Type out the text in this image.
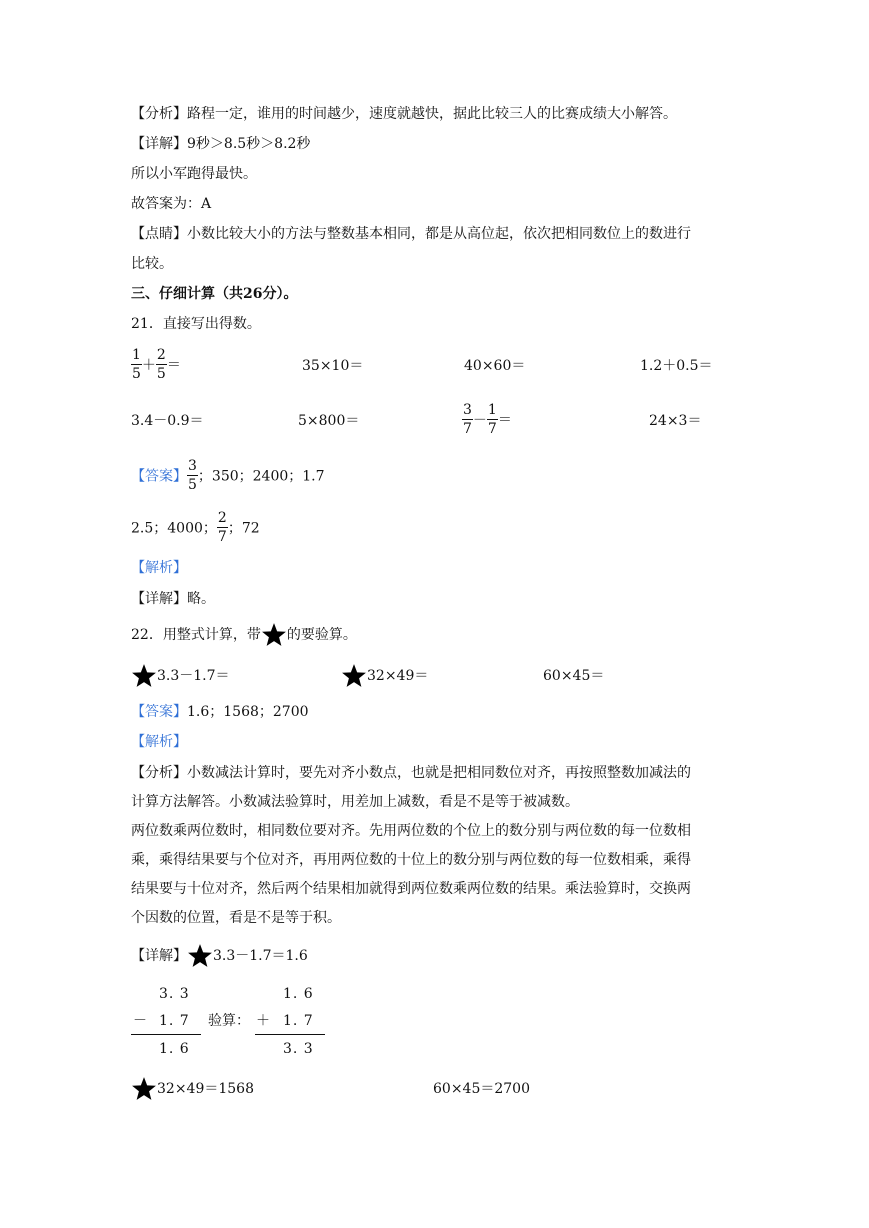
【分析】路程一定，谁用的时间越少，速度就越快，据此比较三人的比赛成绩大小解答。
【详解】9秒＞8.5秒＞8.2秒
所以小军跑得最快。
故答案为：A
【点睛】小数比较大小的方法与整数基本相同，都是从高位起，依次把相同数位上的数进行
比较。
三、仔细计算（共26分）。
21．直接写出得数。
$\frac{1}{5} + \frac{2}{5}$ ＝	35×10＝	40×60＝	1.2＋0.5＝
3.4－0.9＝	5×800＝	$\frac{3}{7} - \frac{1}{7}$ ＝	24×3＝
【答案】 $\frac{3}{5}$ ；350；2400；1.7
2.5；4000； $\frac{2}{7}$ ；72
【解析】
【详解】略。
22．用整式计算，带 的要验算。
3.3－1.7＝	32×49＝	60×45＝
【答案】1.6；1568；2700
【解析】
【分析】小数减法计算时，要先对齐小数点，也就是把相同数位对齐，再按照整数加减法的
计算方法解答。小数减法验算时，用差加上减数，看是不是等于被减数。
两位数乘两位数时，相同数位要对齐。先用两位数的个位上的数分别与两位数的每一位数相
乘，乘得结果要与个位对齐，再用两位数的十位上的数分别与两位数的每一位数相乘，乘得
结果要与十位对齐，然后两个结果相加就得到两位数乘两位数的结果。乘法验算时，交换两
个因数的位置，看是不是等于积。
【详解】 3.3－1.7＝1.6
3. 3
－ 1. 7
1. 6
验算：
1. 6
＋ 1. 7
3. 3
32×49＝1568	60×45＝2700
